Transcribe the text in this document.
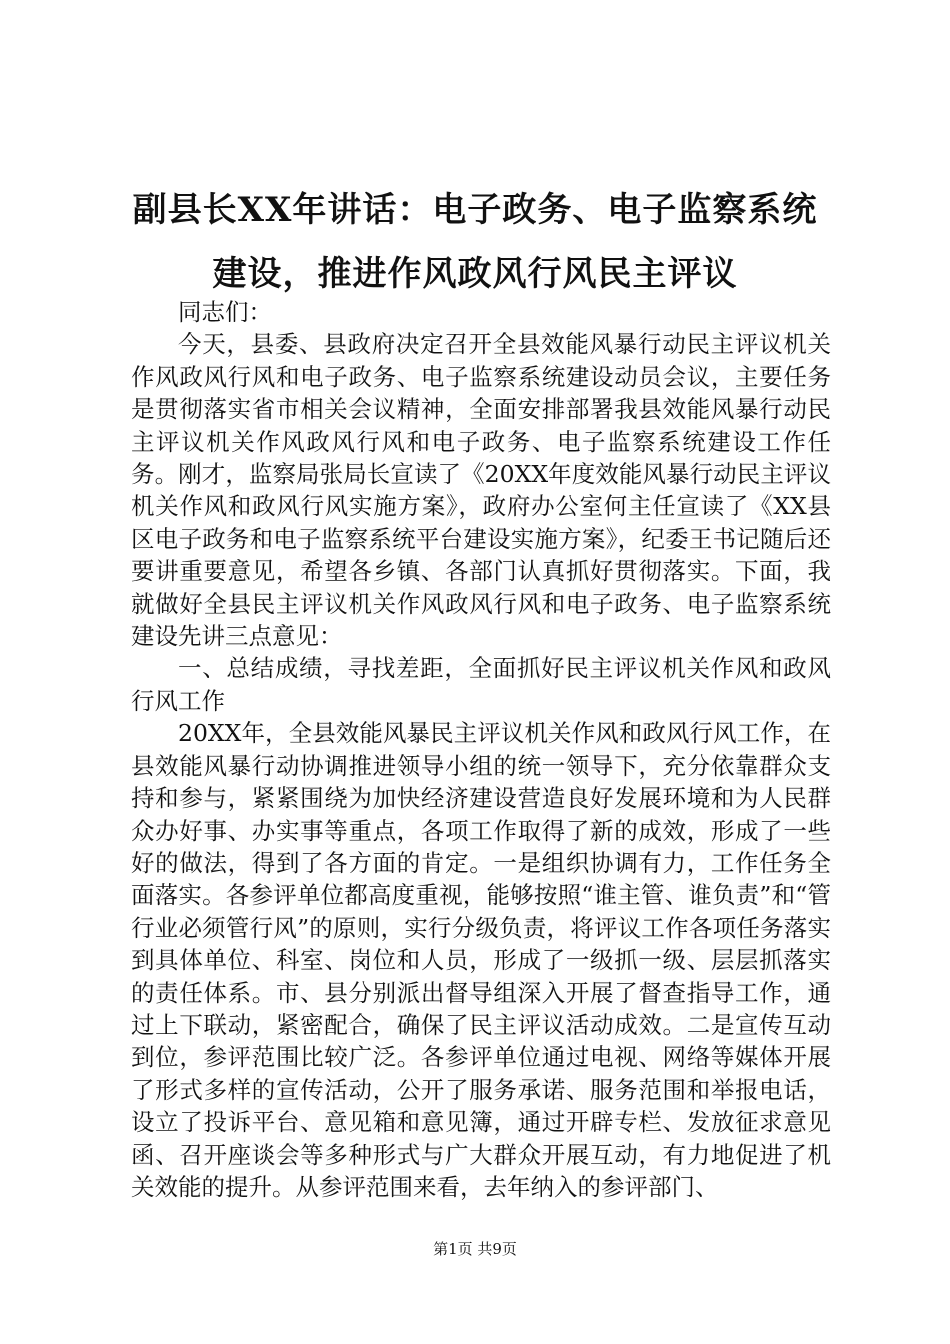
副县长XX年讲话：电子政务、电子监察系统
建设，推进作风政风行风民主评议

同志们：

今天，县委、县政府决定召开全县效能风暴行动民主评议机关作风政风行风和电子政务、电子监察系统建设动员会议，主要任务是贯彻落实省市相关会议精神，全面安排部署我县效能风暴行动民主评议机关作风政风行风和电子政务、电子监察系统建设工作任务。刚才，监察局张局长宣读了《20XX年度效能风暴行动民主评议机关作风和政风行风实施方案》，政府办公室何主任宣读了《XX县区电子政务和电子监察系统平台建设实施方案》，纪委王书记随后还要讲重要意见，希望各乡镇、各部门认真抓好贯彻落实。下面，我就做好全县民主评议机关作风政风行风和电子政务、电子监察系统建设先讲三点意见：

一、总结成绩，寻找差距，全面抓好民主评议机关作风和政风行风工作

20XX年，全县效能风暴民主评议机关作风和政风行风工作，在县效能风暴行动协调推进领导小组的统一领导下，充分依靠群众支持和参与，紧紧围绕为加快经济建设营造良好发展环境和为人民群众办好事、办实事等重点，各项工作取得了新的成效，形成了一些好的做法，得到了各方面的肯定。一是组织协调有力，工作任务全面落实。各参评单位都高度重视，能够按照“谁主管、谁负责”和“管行业必须管行风”的原则，实行分级负责，将评议工作各项任务落实到具体单位、科室、岗位和人员，形成了一级抓一级、层层抓落实的责任体系。市、县分别派出督导组深入开展了督查指导工作，通过上下联动，紧密配合，确保了民主评议活动成效。二是宣传互动到位，参评范围比较广泛。各参评单位通过电视、网络等媒体开展了形式多样的宣传活动，公开了服务承诺、服务范围和举报电话，设立了投诉平台、意见箱和意见簿，通过开辟专栏、发放征求意见函、召开座谈会等多种形式与广大群众开展互动，有力地促进了机关效能的提升。从参评范围来看，去年纳入的参评部门、

第1页 共9页
